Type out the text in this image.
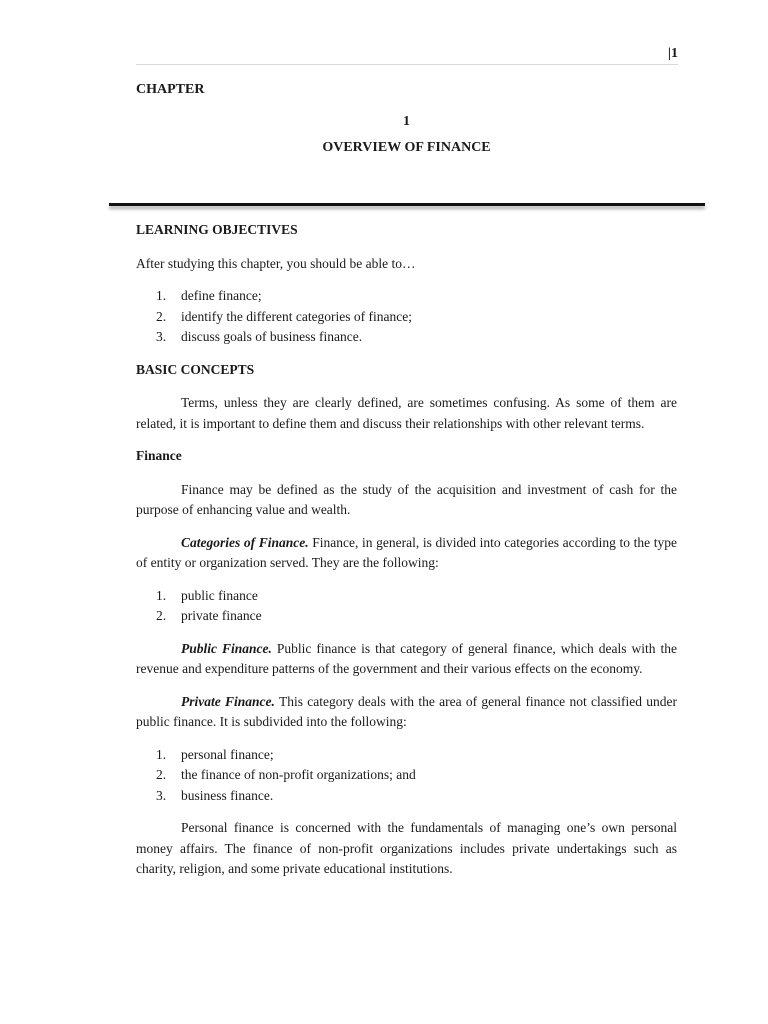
|1
CHAPTER
1
OVERVIEW OF FINANCE

LEARNING OBJECTIVES

After studying this chapter, you should be able to…

1. define finance;
2. identify the different categories of finance;
3. discuss goals of business finance.

BASIC CONCEPTS

Terms, unless they are clearly defined, are sometimes confusing. As some of them are related, it is important to define them and discuss their relationships with other relevant terms.

Finance

Finance may be defined as the study of the acquisition and investment of cash for the purpose of enhancing value and wealth.

Categories of Finance. Finance, in general, is divided into categories according to the type of entity or organization served. They are the following:

1. public finance
2. private finance

Public Finance. Public finance is that category of general finance, which deals with the revenue and expenditure patterns of the government and their various effects on the economy.

Private Finance. This category deals with the area of general finance not classified under public finance. It is subdivided into the following:

1. personal finance;
2. the finance of non-profit organizations; and
3. business finance.

Personal finance is concerned with the fundamentals of managing one’s own personal money affairs. The finance of non-profit organizations includes private undertakings such as charity, religion, and some private educational institutions.
